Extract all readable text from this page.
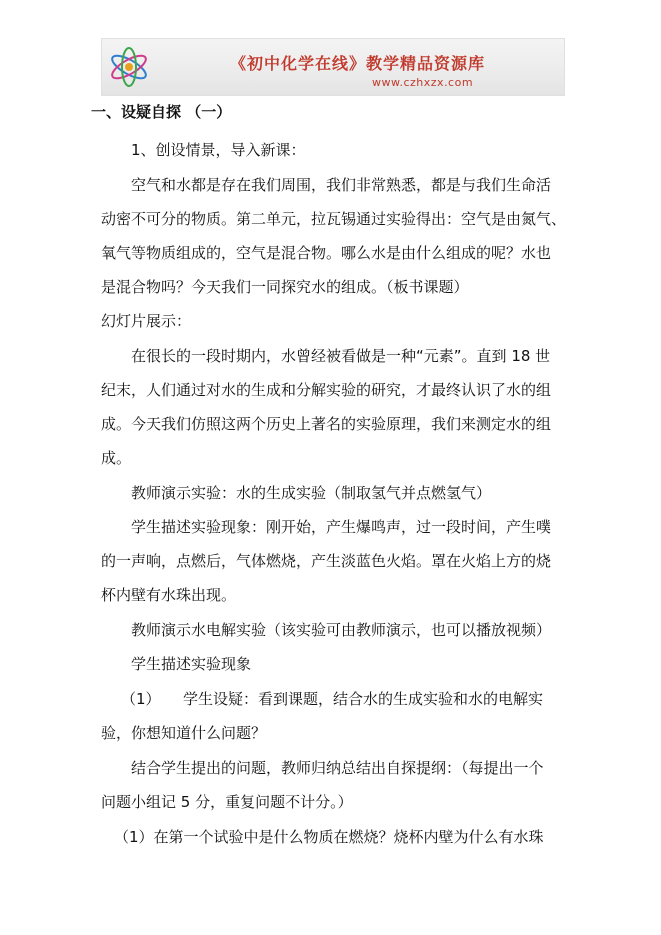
《初中化学在线》教学精品资源库
www.czhxzx.com
一、设疑自探 （一）
1、创设情景，导入新课：
空气和水都是存在我们周围，我们非常熟悉，都是与我们生命活
动密不可分的物质。第二单元，拉瓦锡通过实验得出：空气是由氮气、
氧气等物质组成的，空气是混合物。哪么水是由什么组成的呢？水也
是混合物吗？今天我们一同探究水的组成。（板书课题）
幻灯片展示：
在很长的一段时期内，水曾经被看做是一种“元素”。直到 18 世
纪末，人们通过对水的生成和分解实验的研究，才最终认识了水的组
成。今天我们仿照这两个历史上著名的实验原理，我们来测定水的组
成。
教师演示实验：水的生成实验（制取氢气并点燃氢气）
学生描述实验现象：刚开始，产生爆鸣声，过一段时间，产生噗
的一声响，点燃后，气体燃烧，产生淡蓝色火焰。罩在火焰上方的烧
杯内壁有水珠出现。
教师演示水电解实验（该实验可由教师演示，也可以播放视频）
学生描述实验现象
（1）　　学生设疑：看到课题，结合水的生成实验和水的电解实
验，你想知道什么问题？
结合学生提出的问题，教师归纳总结出自探提纲：（每提出一个
问题小组记 5 分，重复问题不计分。）
（1）在第一个试验中是什么物质在燃烧？烧杯内壁为什么有水珠
